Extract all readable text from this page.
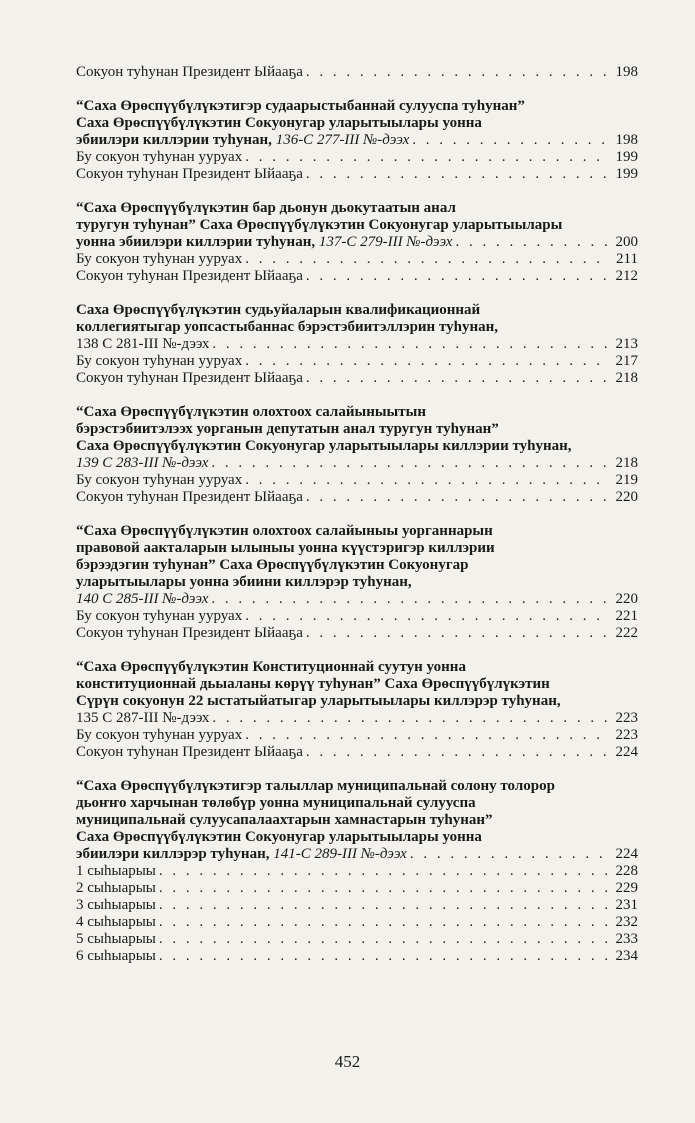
Сокуон туһунан Президент Ыйааҕа . . .	198
“Саха Өрөспүүбүлүкэтигэр судаарыстыбаннай сулууспа туһунан”
Саха Өрөспүүбүлүкэтин Сокуонугар уларытыылары уонна
эбиилэри киллэрии туһунан, 136-С 277-III №-дээх . . .	198
Бу сокуон туһунан ууруах . . .	199
Сокуон туһунан Президент Ыйааҕа . . .	199
“Саха Өрөспүүбүлүкэтин бар дьонун дьокутаатын анал
туругун туһунан” Саха Өрөспүүбүлүкэтин Сокуонугар уларытыылары
уонна эбиилэри киллэрии туһунан, 137-С 279-III №-дээх . . .	200
Бу сокуон туһунан ууруах . . .	211
Сокуон туһунан Президент Ыйааҕа . . .	212
Саха Өрөспүүбүлүкэтин судьуйаларын квалификационнай
коллегиятыгар уопсастыбаннас бэрэстэбиитэллэрин туһунан,
138 С 281-III №-дээх . . .	213
Бу сокуон туһунан ууруах . . .	217
Сокуон туһунан Президент Ыйааҕа . . .	218
“Саха Өрөспүүбүлүкэтин олохтоох салайыныытын
бэрэстэбиитэлээх уорганын депутатын анал туругун туһунан”
Саха Өрөспүүбүлүкэтин Сокуонугар уларытыылары киллэрии туһунан,
139 С 283-III №-дээх . . .	218
Бу сокуон туһунан ууруах . . .	219
Сокуон туһунан Президент Ыйааҕа . . .	220
“Саха Өрөспүүбүлүкэтин олохтоох салайыныы уорганнарын
правовой аакталарын ылыныы уонна күүстэригэр киллэрии
бэрээдэгин туһунан” Саха Өрөспүүбүлүкэтин Сокуонугар
уларытыылары уонна эбиини киллэрэр туһунан,
140 С 285-III №-дээх . . .	220
Бу сокуон туһунан ууруах . . .	221
Сокуон туһунан Президент Ыйааҕа . . .	222
“Саха Өрөспүүбүлүкэтин Конституционнай суутун уонна
конституционнай дьыаланы көрүү туһунан” Саха Өрөспүүбүлүкэтин
Сүрүн сокуонун 22 ыстатыйатыгар уларытыылары киллэрэр туһунан,
135 С 287-III №-дээх . . .	223
Бу сокуон туһунан ууруах . . .	223
Сокуон туһунан Президент Ыйааҕа . . .	224
“Саха Өрөспүүбүлүкэтигэр талыллар муниципальнай солону толорор
дьоҥҥо харчынан төлөбүр уонна муниципальнай сулууспа
муниципальнай сулуусапалаахтарын хамнастарын туһунан”
Саха Өрөспүүбүлүкэтин Сокуонугар уларытыылары уонна
эбиилэри киллэрэр туһунан, 141-С 289-III №-дээх . . .	224
1 сыһыарыы . . .	228
2 сыһыарыы . . .	229
3 сыһыарыы . . .	231
4 сыһыарыы . . .	232
5 сыһыарыы . . .	233
6 сыһыарыы . . .	234
452
